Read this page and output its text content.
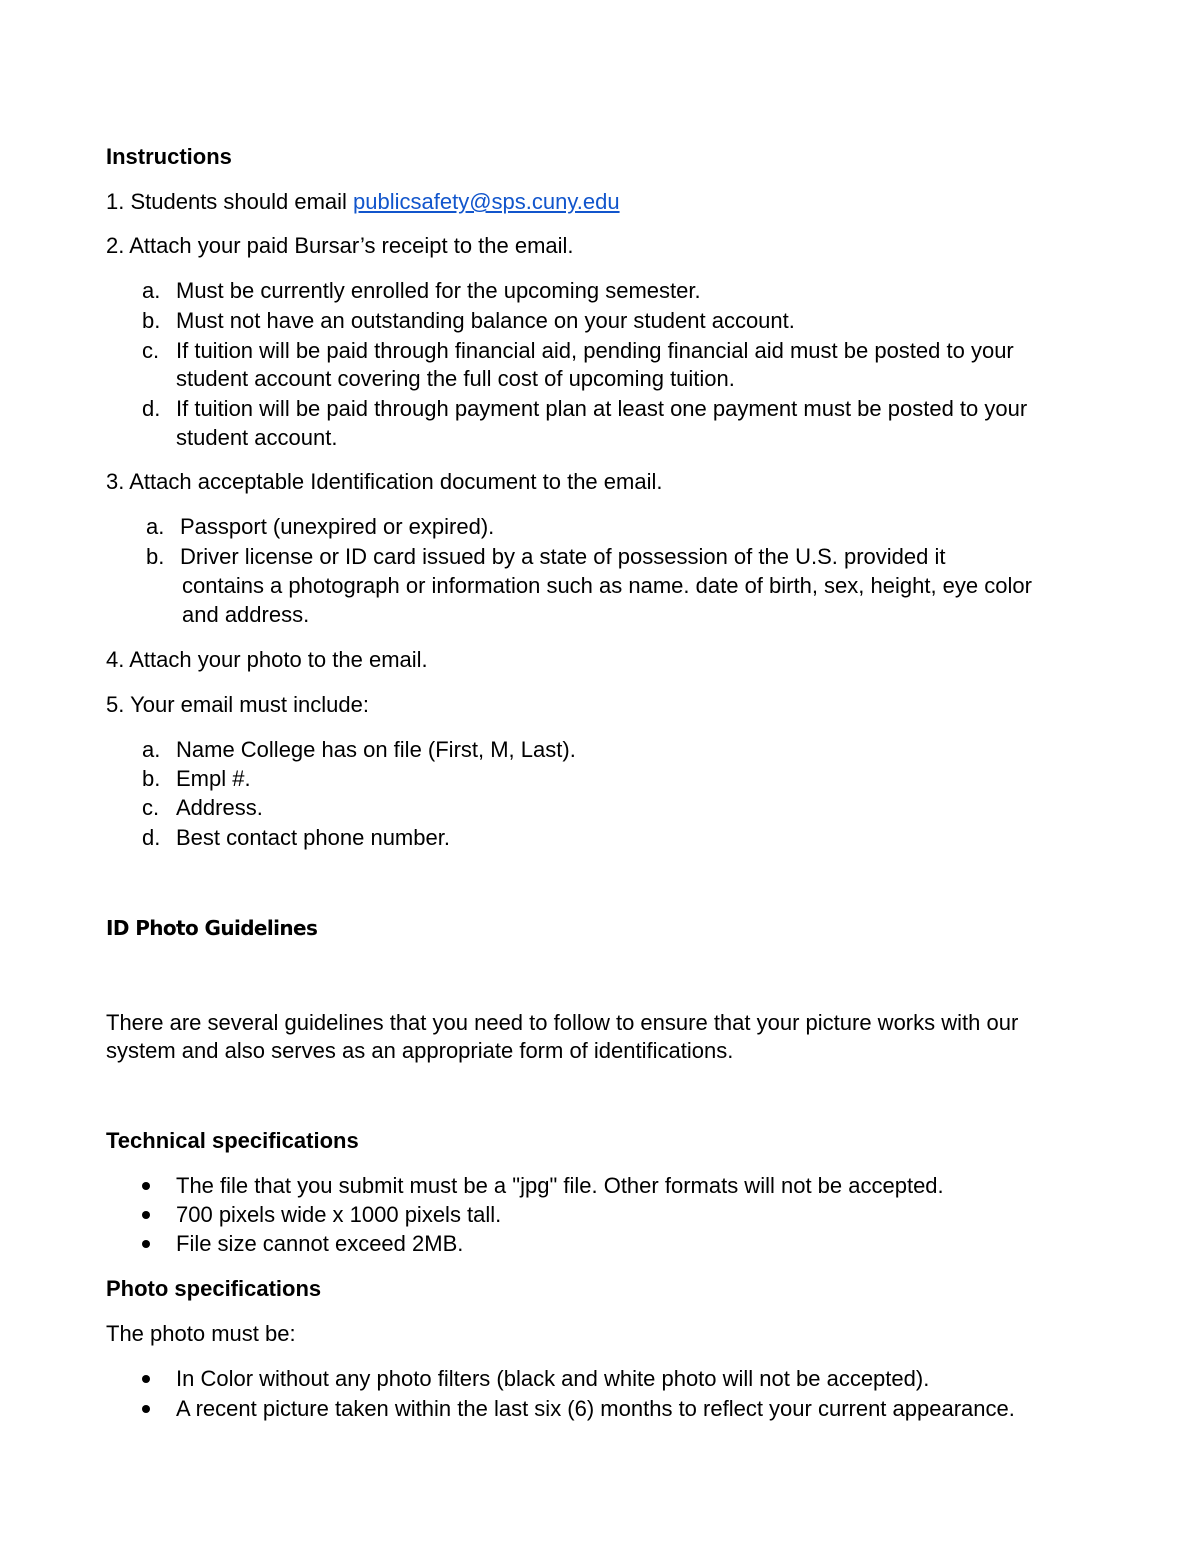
Instructions
1. Students should email publicsafety@sps.cuny.edu
2. Attach your paid Bursar’s receipt to the email.
a. Must be currently enrolled for the upcoming semester.
b. Must not have an outstanding balance on your student account.
c. If tuition will be paid through financial aid, pending financial aid must be posted to your
student account covering the full cost of upcoming tuition.
d. If tuition will be paid through payment plan at least one payment must be posted to your
student account.
3. Attach acceptable Identification document to the email.
a. Passport (unexpired or expired).
b. Driver license or ID card issued by a state of possession of the U.S. provided it
contains a photograph or information such as name. date of birth, sex, height, eye color
and address.
4. Attach your photo to the email.
5. Your email must include:
a. Name College has on file (First, M, Last).
b. Empl #.
c. Address.
d. Best contact phone number.
ID Photo Guidelines
There are several guidelines that you need to follow to ensure that your picture works with our
system and also serves as an appropriate form of identifications.
Technical specifications
The file that you submit must be a "jpg" file. Other formats will not be accepted.
700 pixels wide x 1000 pixels tall.
File size cannot exceed 2MB.
Photo specifications
The photo must be:
In Color without any photo filters (black and white photo will not be accepted).
A recent picture taken within the last six (6) months to reflect your current appearance.
